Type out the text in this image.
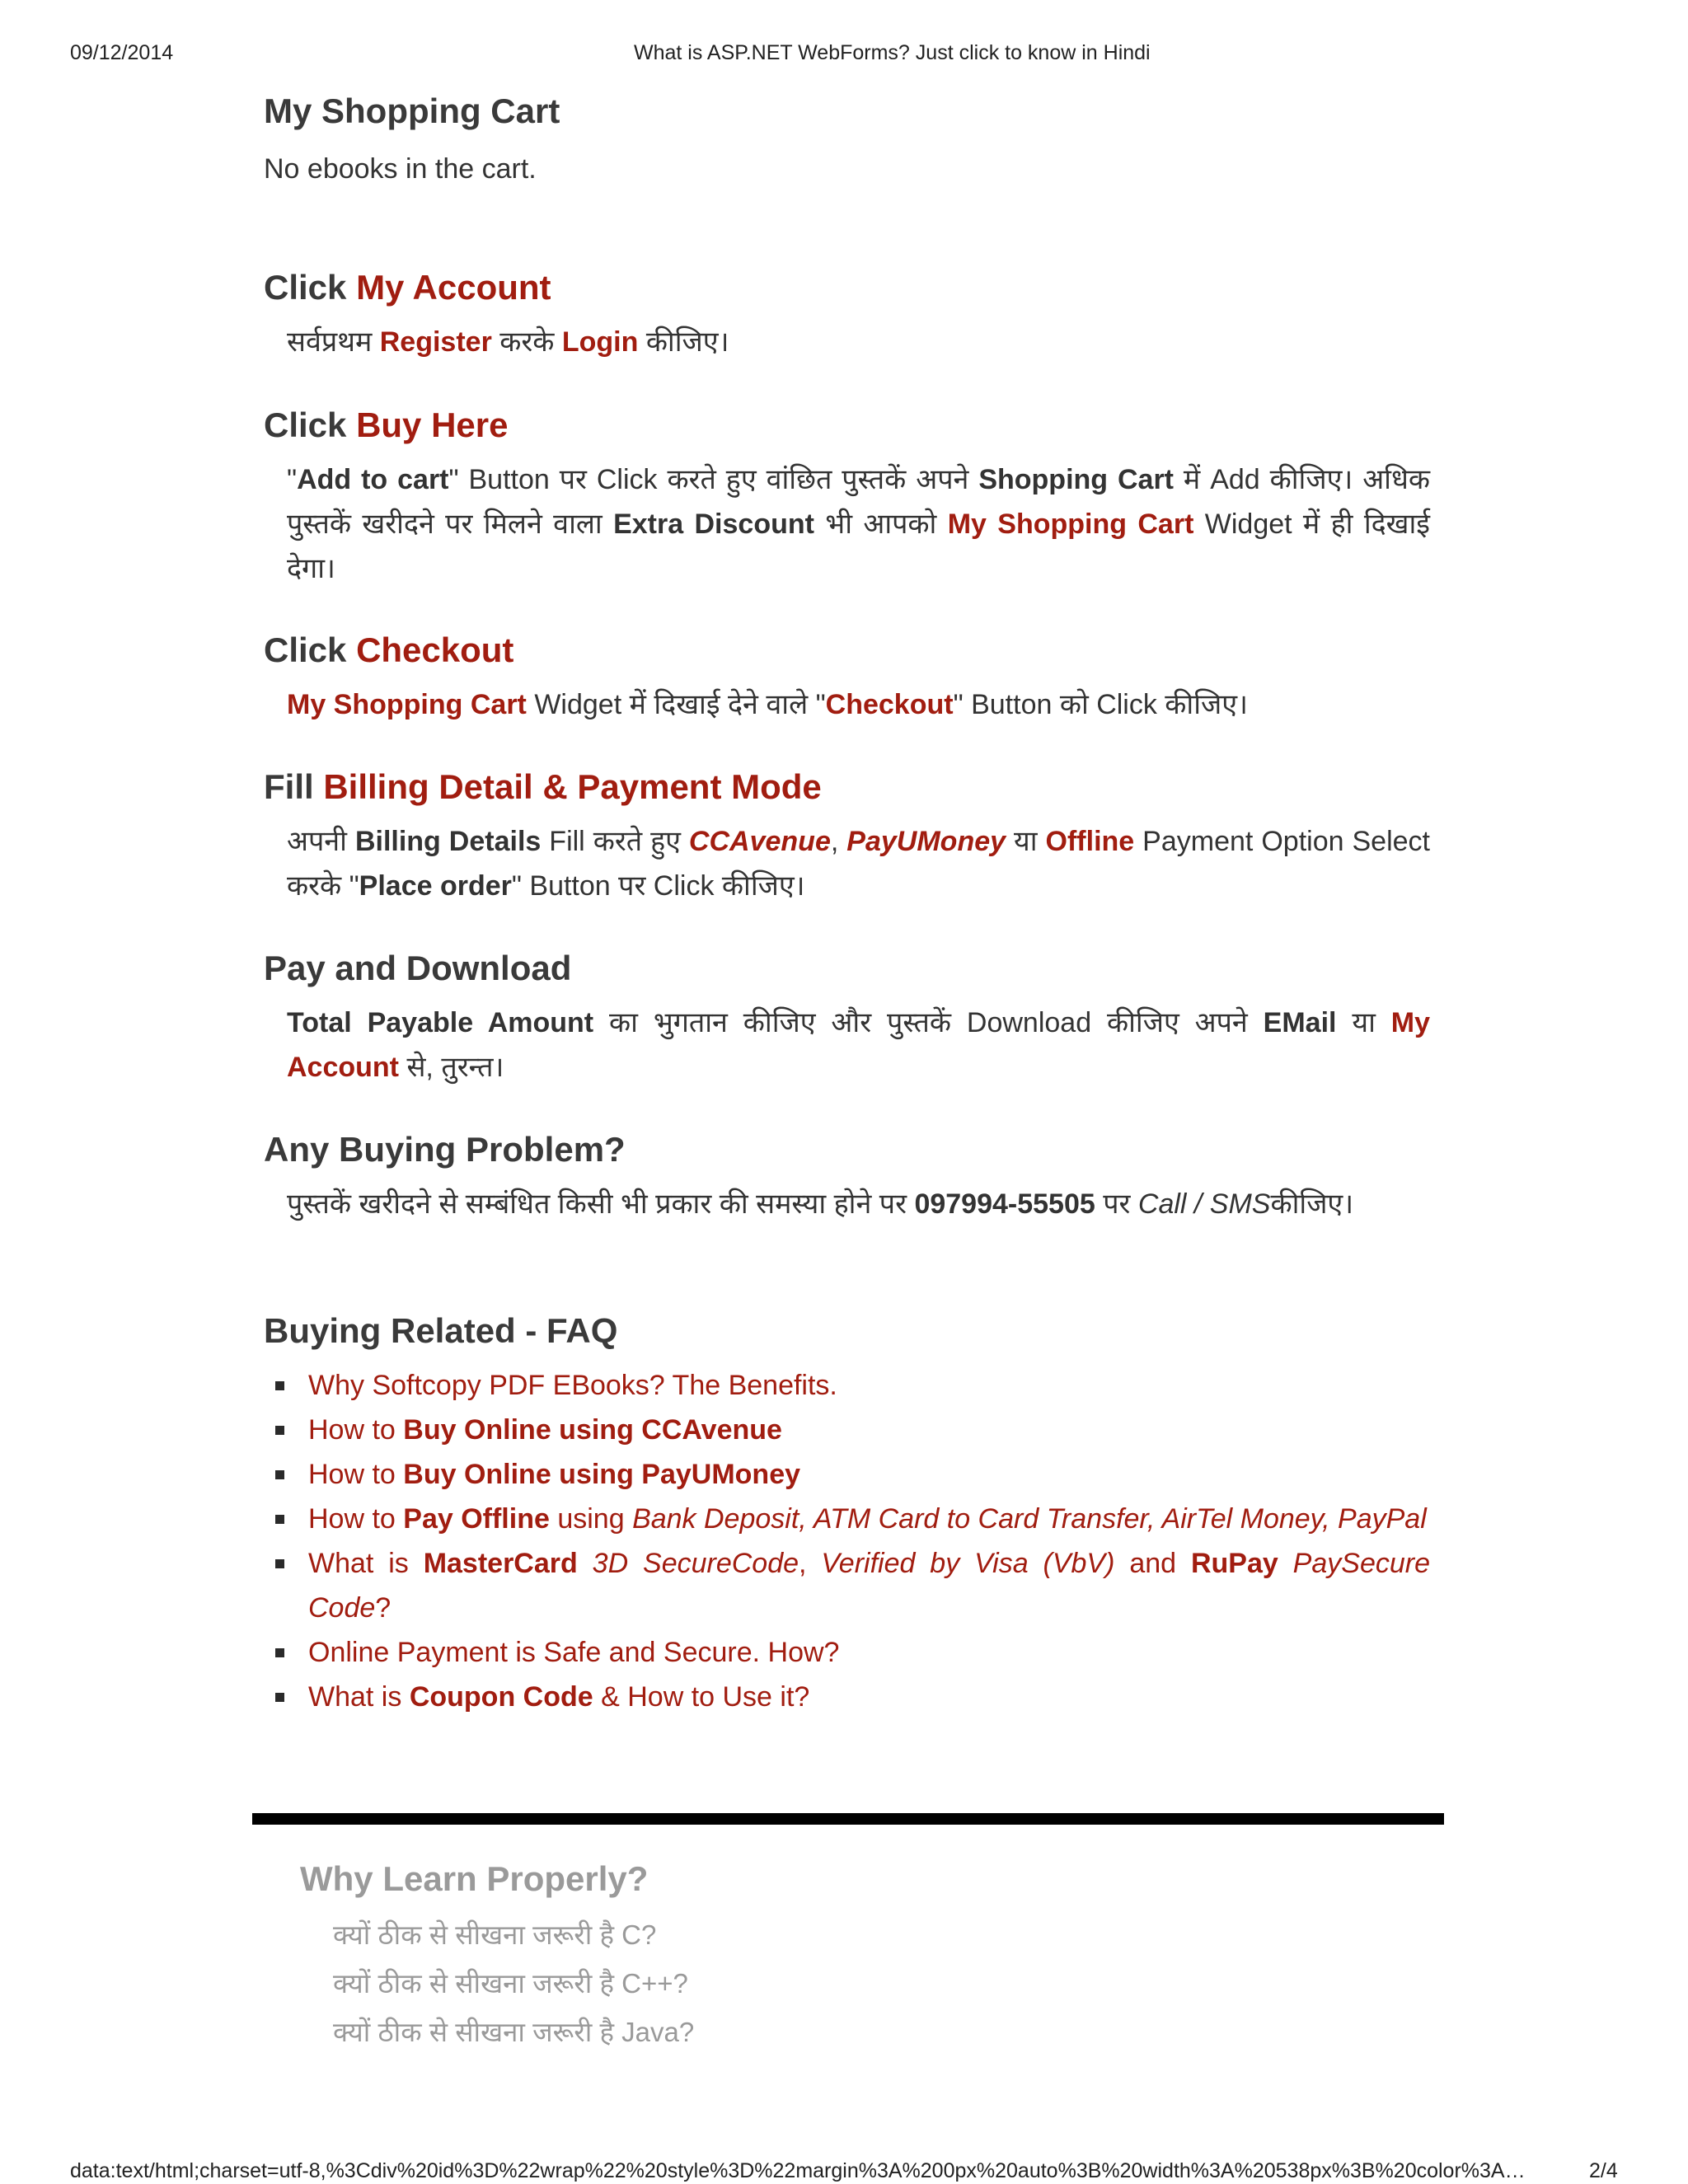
09/12/2014	What is ASP.NET WebForms? Just click to know in Hindi
My Shopping Cart

No ebooks in the cart.

Click My Account

सर्वप्रथम Register करके Login कीजिए।

Click Buy Here

"Add to cart" Button पर Click करते हुए वांछित पुस्तकें अपने Shopping Cart में Add कीजिए। अधिक पुस्तकें खरीदने पर मिलने वाला Extra Discount भी आपको My Shopping Cart Widget में ही दिखाई देगा।

Click Checkout

My Shopping Cart Widget में दिखाई देने वाले "Checkout" Button को Click कीजिए।

Fill Billing Detail & Payment Mode

अपनी Billing Details Fill करते हुए CCAvenue, PayUMoney या Offline Payment Option Select करके "Place order" Button पर Click कीजिए।

Pay and Download

Total Payable Amount का भुगतान कीजिए और पुस्तकें Download कीजिए अपने EMail या My Account से, तुरन्त।

Any Buying Problem?

पुस्तकें खरीदने से सम्बंधित किसी भी प्रकार की समस्या होने पर 097994-55505 पर Call / SMSकीजिए।

Buying Related - FAQ
Why Softcopy PDF EBooks? The Benefits.
How to Buy Online using CCAvenue
How to Buy Online using PayUMoney
How to Pay Offline using Bank Deposit, ATM Card to Card Transfer, AirTel Money, PayPal
What is MasterCard 3D SecureCode, Verified by Visa (VbV) and RuPay PaySecure Code?
Online Payment is Safe and Secure. How?
What is Coupon Code & How to Use it?
Why Learn Properly?
क्यों ठीक से सीखना जरूरी है C?
क्यों ठीक से सीखना जरूरी है C++?
क्यों ठीक से सीखना जरूरी है Java?
data:text/html;charset=utf-8,%3Cdiv%20id%3D%22wrap%22%20style%3D%22margin%3A%200px%20auto%3B%20width%3A%20538px%3B%20color%3A…	2/4
